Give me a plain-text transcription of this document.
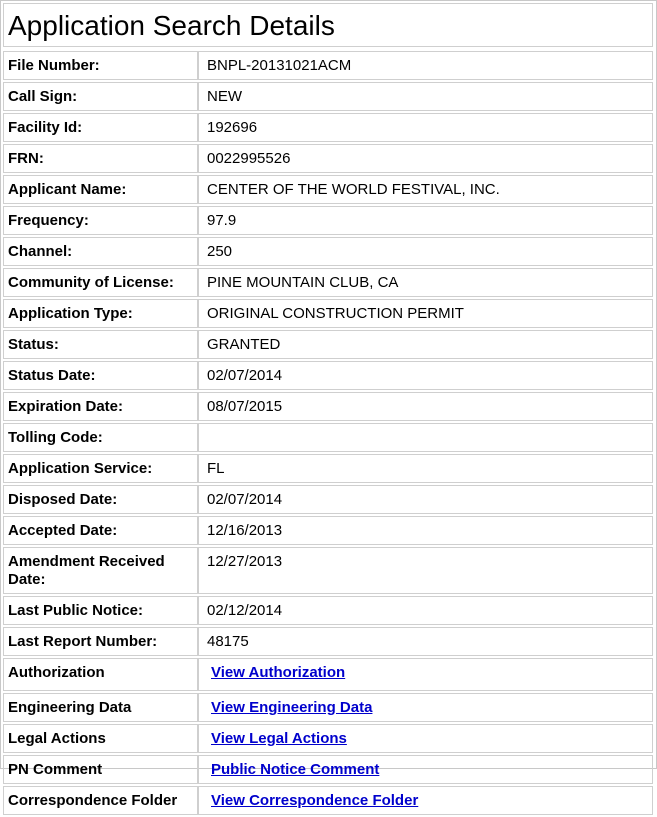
Application Search Details
File Number:	BNPL-20131021ACM
Call Sign:	NEW
Facility Id:	192696
FRN:	0022995526
Applicant Name:	CENTER OF THE WORLD FESTIVAL, INC.
Frequency:	97.9
Channel:	250
Community of License:	PINE MOUNTAIN CLUB, CA
Application Type:	ORIGINAL CONSTRUCTION PERMIT
Status:	GRANTED
Status Date:	02/07/2014
Expiration Date:	08/07/2015
Tolling Code:	
Application Service:	FL
Disposed Date:	02/07/2014
Accepted Date:	12/16/2013
Amendment Received Date:	12/27/2013
Last Public Notice:	02/12/2014
Last Report Number:	48175
Authorization	View Authorization
Engineering Data	View Engineering Data
Legal Actions	View Legal Actions
PN Comment	Public Notice Comment
Correspondence Folder	View Correspondence Folder
